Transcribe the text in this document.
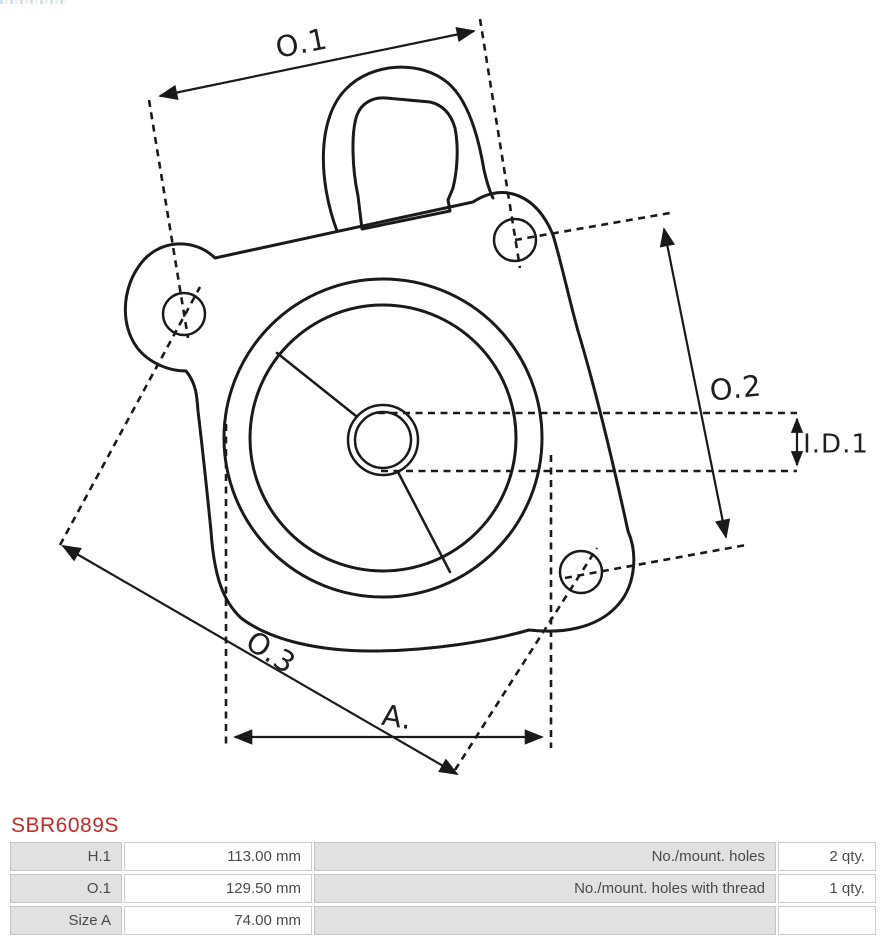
O.1
O.2
O.3
A.
I.D.1
SBR6089S
H.1	113.00 mm	No./mount. holes	2 qty.
O.1	129.50 mm	No./mount. holes with thread	1 qty.
Size A	74.00 mm		
